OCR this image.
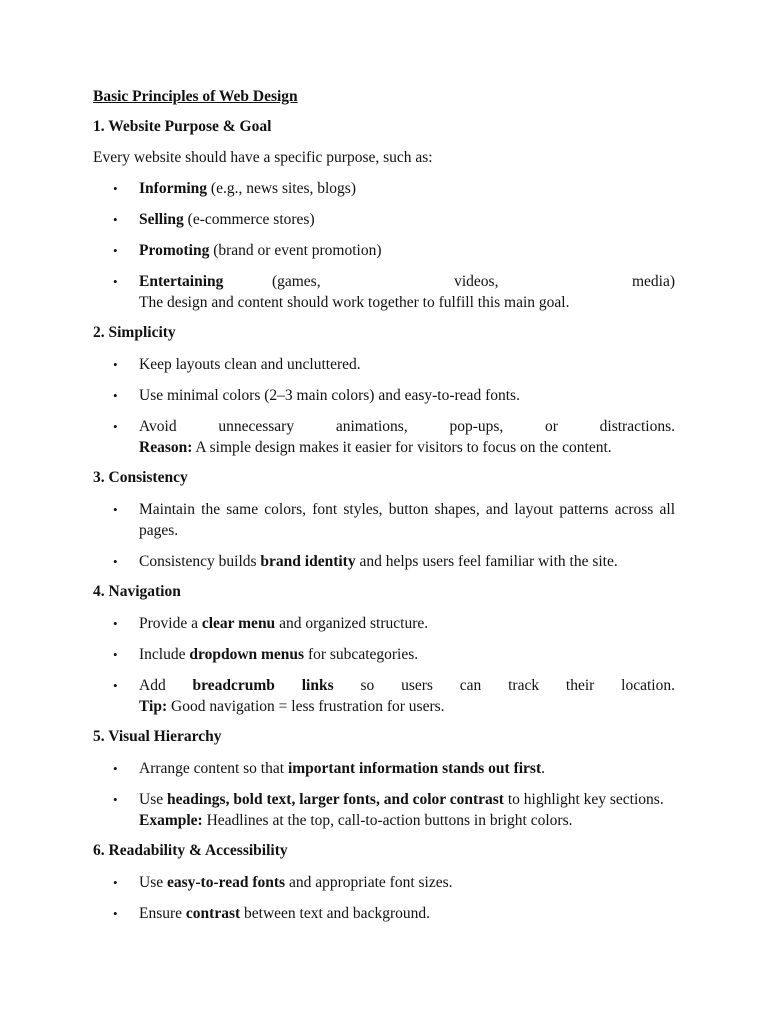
Basic Principles of Web Design
1. Website Purpose & Goal
Every website should have a specific purpose, such as:
• Informing (e.g., news sites, blogs)
• Selling (e-commerce stores)
• Promoting (brand or event promotion)
• Entertaining	(games, videos, media)
The design and content should work together to fulfill this main goal.
2. Simplicity
• Keep layouts clean and uncluttered.
• Use minimal colors (2–3 main colors) and easy-to-read fonts.
• Avoid unnecessary animations, pop-ups, or distractions.
Reason: A simple design makes it easier for visitors to focus on the content.
3. Consistency
• Maintain the same colors, font styles, button shapes, and layout patterns across all pages.
• Consistency builds brand identity and helps users feel familiar with the site.
4. Navigation
• Provide a clear menu and organized structure.
• Include dropdown menus for subcategories.
• Add breadcrumb links so users can track their location.
Tip: Good navigation = less frustration for users.
5. Visual Hierarchy
• Arrange content so that important information stands out first.
• Use headings, bold text, larger fonts, and color contrast to highlight key sections.
Example: Headlines at the top, call-to-action buttons in bright colors.
6. Readability & Accessibility
• Use easy-to-read fonts and appropriate font sizes.
• Ensure contrast between text and background.
